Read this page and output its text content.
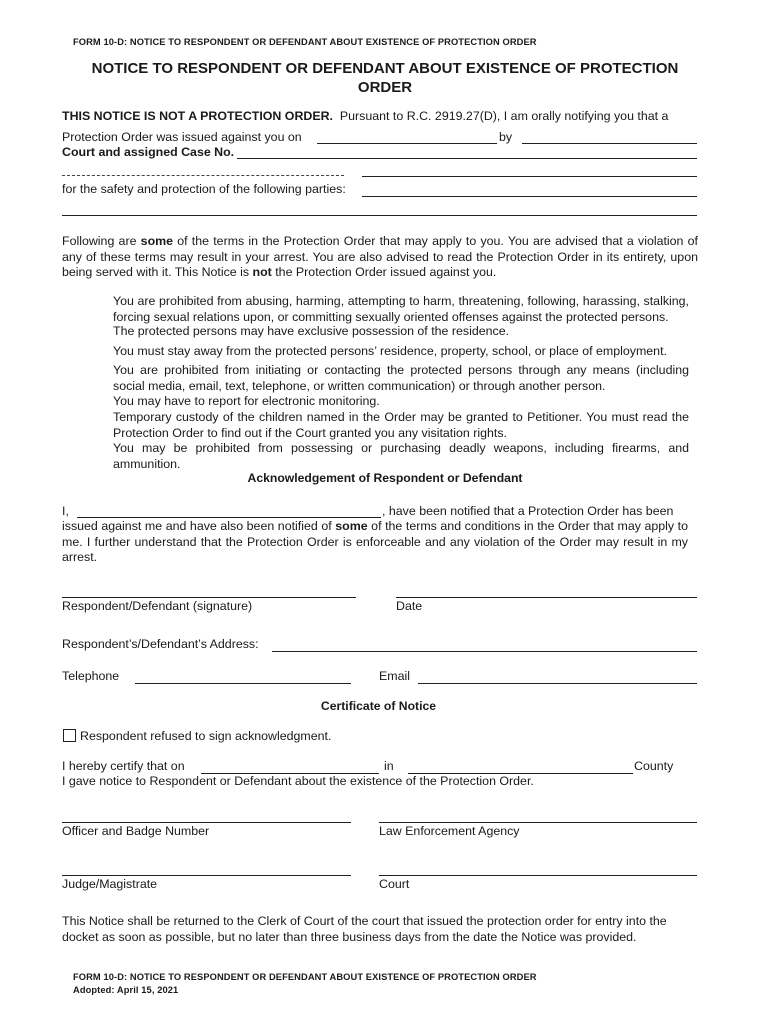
FORM 10-D: NOTICE TO RESPONDENT OR DEFENDANT ABOUT EXISTENCE OF PROTECTION ORDER
NOTICE TO RESPONDENT OR DEFENDANT ABOUT EXISTENCE OF PROTECTION
ORDER
THIS NOTICE IS NOT A PROTECTION ORDER. Pursuant to R.C. 2919.27(D), I am orally notifying you that a
Protection Order was issued against you on	by
Court and assigned Case No.
for the safety and protection of the following parties:
Following are some of the terms in the Protection Order that may apply to you. You are advised that a violation of any of these terms may result in your arrest. You are also advised to read the Protection Order in its entirety, upon being served with it. This Notice is not the Protection Order issued against you.
You are prohibited from abusing, harming, attempting to harm, threatening, following, harassing, stalking, forcing sexual relations upon, or committing sexually oriented offenses against the protected persons.
The protected persons may have exclusive possession of the residence.
You must stay away from the protected persons’ residence, property, school, or place of employment.
You are prohibited from initiating or contacting the protected persons through any means (including social media, email, text, telephone, or written communication) or through another person.
You may have to report for electronic monitoring.
Temporary custody of the children named in the Order may be granted to Petitioner. You must read the Protection Order to find out if the Court granted you any visitation rights.
You may be prohibited from possessing or purchasing deadly weapons, including firearms, and ammunition.
Acknowledgement of Respondent or Defendant
I,	, have been notified that a Protection Order has been
issued against me and have also been notified of some of the terms and conditions in the Order that may apply to me. I further understand that the Protection Order is enforceable and any violation of the Order may result in my arrest.
Respondent/Defendant (signature)	Date
Respondent’s/Defendant’s Address:
Telephone	Email
Certificate of Notice
Respondent refused to sign acknowledgment.
I hereby certify that on	in	County
I gave notice to Respondent or Defendant about the existence of the Protection Order.
Officer and Badge Number	Law Enforcement Agency
Judge/Magistrate	Court
This Notice shall be returned to the Clerk of Court of the court that issued the protection order for entry into the docket as soon as possible, but no later than three business days from the date the Notice was provided.
FORM 10-D: NOTICE TO RESPONDENT OR DEFENDANT ABOUT EXISTENCE OF PROTECTION ORDER
Adopted: April 15, 2021
